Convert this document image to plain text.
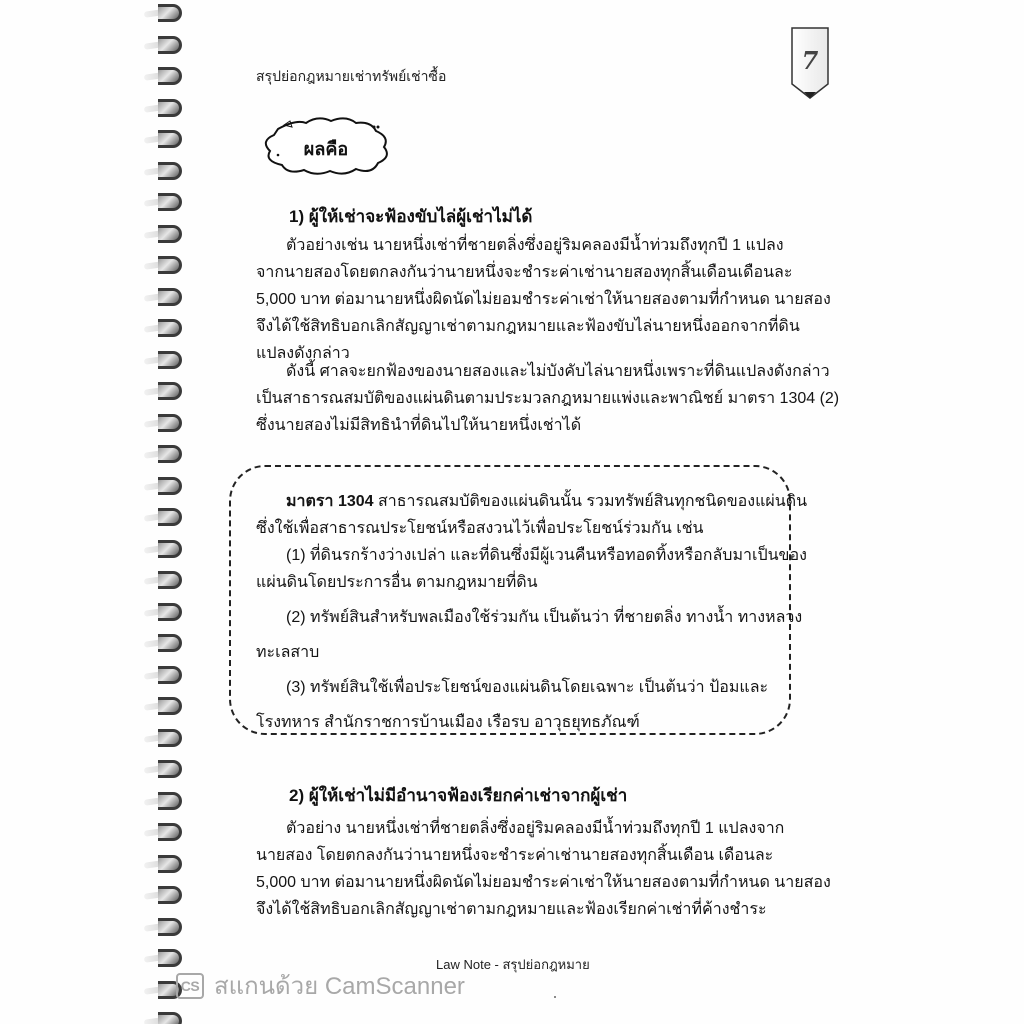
สรุปย่อกฎหมายเช่าทรัพย์เช่าซื้อ
7
ผลคือ
1) ผู้ให้เช่าจะฟ้องขับไล่ผู้เช่าไม่ได้
ตัวอย่างเช่น นายหนึ่งเช่าที่ชายตลิ่งซึ่งอยู่ริมคลองมีน้ำท่วมถึงทุกปี 1 แปลง
จากนายสองโดยตกลงกันว่านายหนึ่งจะชำระค่าเช่านายสองทุกสิ้นเดือนเดือนละ
5,000 บาท ต่อมานายหนึ่งผิดนัดไม่ยอมชำระค่าเช่าให้นายสองตามที่กำหนด นายสอง
จึงได้ใช้สิทธิบอกเลิกสัญญาเช่าตามกฎหมายและฟ้องขับไล่นายหนึ่งออกจากที่ดิน
แปลงดังกล่าว
ดังนี้ ศาลจะยกฟ้องของนายสองและไม่บังคับไล่นายหนึ่งเพราะที่ดินแปลงดังกล่าว
เป็นสาธารณสมบัติของแผ่นดินตามประมวลกฎหมายแพ่งและพาณิชย์ มาตรา 1304 (2)
ซึ่งนายสองไม่มีสิทธินำที่ดินไปให้นายหนึ่งเช่าได้
มาตรา 1304 สาธารณสมบัติของแผ่นดินนั้น รวมทรัพย์สินทุกชนิดของแผ่นดิน
ซึ่งใช้เพื่อสาธารณประโยชน์หรือสงวนไว้เพื่อประโยชน์ร่วมกัน เช่น
(1) ที่ดินรกร้างว่างเปล่า และที่ดินซึ่งมีผู้เวนคืนหรือทอดทิ้งหรือกลับมาเป็นของ
แผ่นดินโดยประการอื่น ตามกฎหมายที่ดิน
(2) ทรัพย์สินสำหรับพลเมืองใช้ร่วมกัน เป็นต้นว่า ที่ชายตลิ่ง ทางน้ำ ทางหลวง
ทะเลสาบ
(3) ทรัพย์สินใช้เพื่อประโยชน์ของแผ่นดินโดยเฉพาะ เป็นต้นว่า ป้อมและ
โรงทหาร สำนักราชการบ้านเมือง เรือรบ อาวุธยุทธภัณฑ์
2) ผู้ให้เช่าไม่มีอำนาจฟ้องเรียกค่าเช่าจากผู้เช่า
ตัวอย่าง นายหนึ่งเช่าที่ชายตลิ่งซึ่งอยู่ริมคลองมีน้ำท่วมถึงทุกปี 1 แปลงจาก
นายสอง โดยตกลงกันว่านายหนึ่งจะชำระค่าเช่านายสองทุกสิ้นเดือน เดือนละ
5,000 บาท ต่อมานายหนึ่งผิดนัดไม่ยอมชำระค่าเช่าให้นายสองตามที่กำหนด นายสอง
จึงได้ใช้สิทธิบอกเลิกสัญญาเช่าตามกฎหมายและฟ้องเรียกค่าเช่าที่ค้างชำระ
Law Note - สรุปย่อกฎหมาย
CS สแกนด้วย CamScanner
